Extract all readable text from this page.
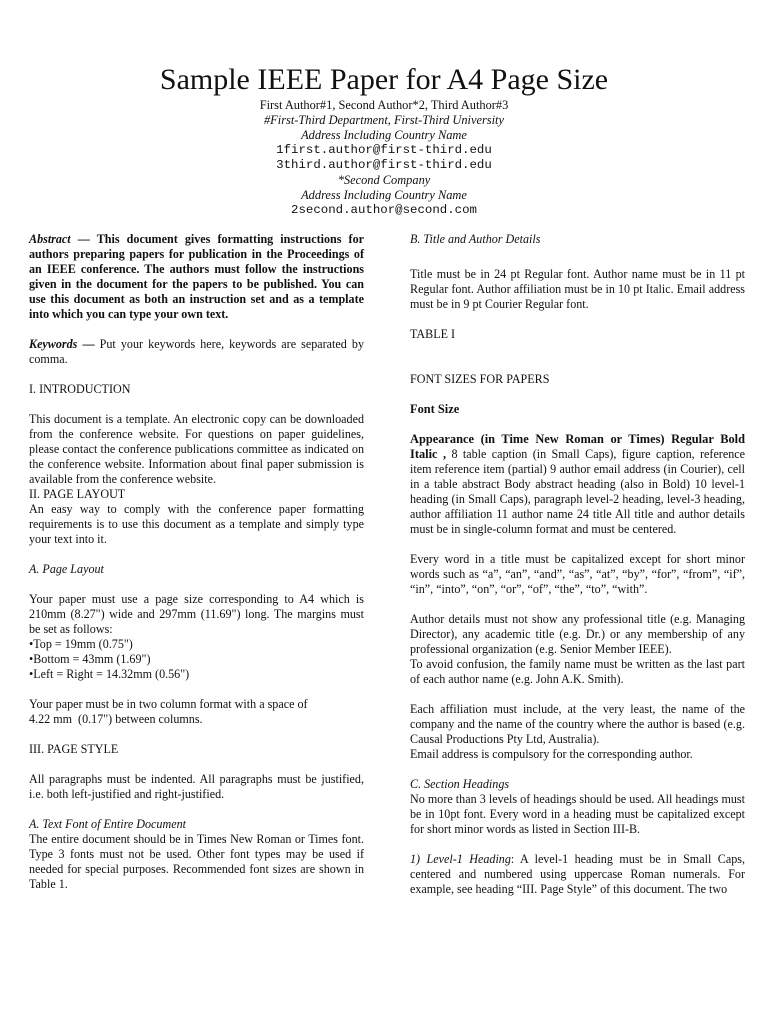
Sample IEEE Paper for A4 Page Size
First Author#1, Second Author*2, Third Author#3
#First-Third Department, First-Third University
Address Including Country Name
1first.author@first-third.edu
3third.author@first-third.edu
*Second Company
Address Including Country Name
2second.author@second.com

Abstract — This document gives formatting instructions for authors preparing papers for publication in the Proceedings of an IEEE conference. The authors must follow the instructions given in the document for the papers to be published. You can use this document as both an instruction set and as a template into which you can type your own text.

Keywords — Put your keywords here, keywords are separated by comma.

I. INTRODUCTION

This document is a template. An electronic copy can be downloaded from the conference website. For questions on paper guidelines, please contact the conference publications committee as indicated on the conference website. Information about final paper submission is available from the conference website.

II. PAGE LAYOUT

An easy way to comply with the conference paper formatting requirements is to use this document as a template and simply type your text into it.

A. Page Layout

Your paper must use a page size corresponding to A4 which is 210mm (8.27") wide and 297mm (11.69") long. The margins must be set as follows:

• Top = 19mm (0.75")
• Bottom = 43mm (1.69")
• Left = Right = 14.32mm (0.56")

Your paper must be in two column format with a space of

4.22 mm  (0.17") between columns.

III. PAGE STYLE

All paragraphs must be indented. All paragraphs must be justified, i.e. both left-justified and right-justified.

A. Text Font of Entire Document

The entire document should be in Times New Roman or Times font. Type 3 fonts must not be used. Other font types may be used if needed for special purposes. Recommended font sizes are shown in Table 1.

B. Title and Author Details

Title must be in 24 pt Regular font. Author name must be in 11 pt Regular font. Author affiliation must be in 10 pt Italic. Email address must be in 9 pt Courier Regular font.

TABLE I

FONT SIZES FOR PAPERS

Font Size

Appearance (in Time New Roman or Times) Regular Bold Italic , 8 table caption (in Small Caps), figure caption, reference item reference item (partial) 9 author email address (in Courier), cell in a table abstract Body abstract heading (also in Bold) 10 level-1 heading (in Small Caps), paragraph level-2 heading, level-3 heading, author affiliation 11 author name 24 title All title and author details must be in single-column format and must be centered.

Every word in a title must be capitalized except for short minor words such as “a”, “an”, “and”, “as”, “at”, “by”, “for”, “from”, “if”, “in”, “into”, “on”, “or”, “of”, “the”, “to”, “with”.

Author details must not show any professional title (e.g. Managing Director), any academic title (e.g. Dr.) or any membership of any professional organization (e.g. Senior Member IEEE).

To avoid confusion, the family name must be written as the last part of each author name (e.g. John A.K. Smith).

Each affiliation must include, at the very least, the name of the company and the name of the country where the author is based (e.g. Causal Productions Pty Ltd, Australia).

Email address is compulsory for the corresponding author.

C. Section Headings

No more than 3 levels of headings should be used. All headings must be in 10pt font. Every word in a heading must be capitalized except for short minor words as listed in Section III-B.

1) Level-1 Heading: A level-1 heading must be in Small Caps, centered and numbered using uppercase Roman numerals. For example, see heading “III. Page Style” of this document. The two
